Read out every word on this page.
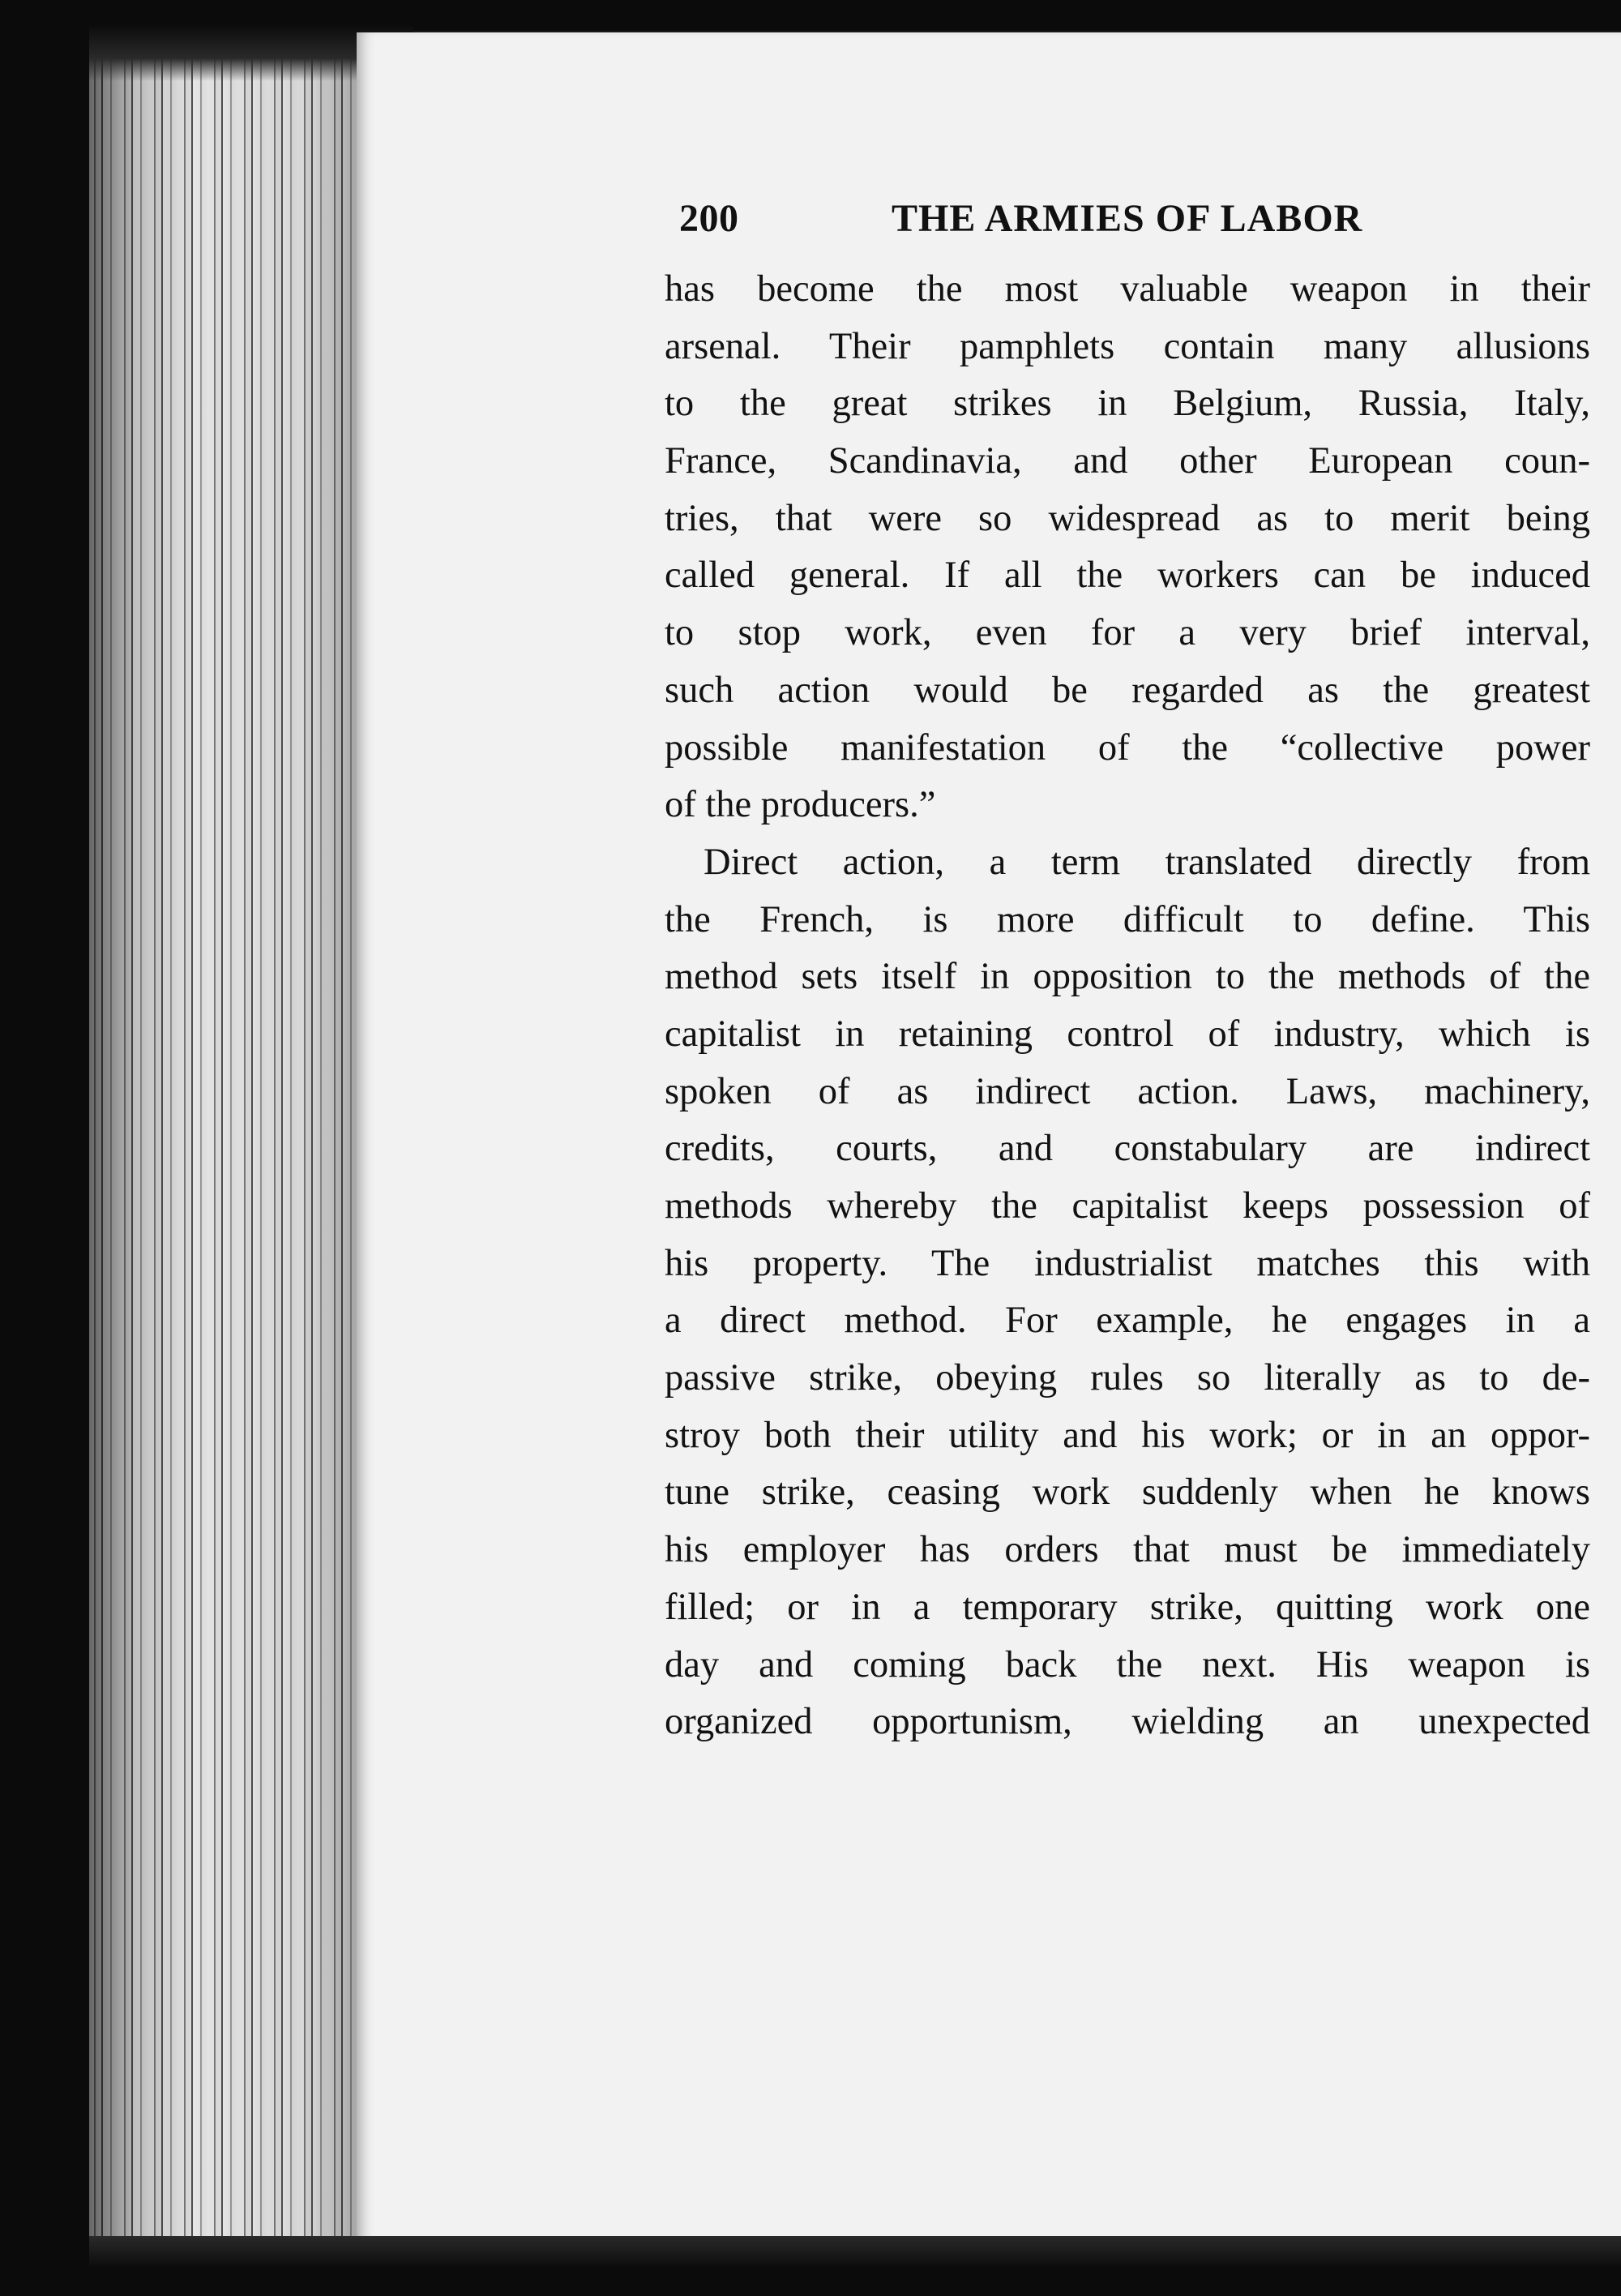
200	THE ARMIES OF LABOR
has become the most valuable weapon in their
arsenal. Their pamphlets contain many allusions
to the great strikes in Belgium, Russia, Italy,
France, Scandinavia, and other European coun-
tries, that were so widespread as to merit being
called general. If all the workers can be induced
to stop work, even for a very brief interval,
such action would be regarded as the greatest
possible manifestation of the “collective power
of the producers.”
Direct action, a term translated directly from
the French, is more difficult to define. This
method sets itself in opposition to the methods of the
capitalist in retaining control of industry, which is
spoken of as indirect action. Laws, machinery,
credits, courts, and constabulary are indirect
methods whereby the capitalist keeps possession of
his property. The industrialist matches this with
a direct method. For example, he engages in a
passive strike, obeying rules so literally as to de-
stroy both their utility and his work; or in an oppor-
tune strike, ceasing work suddenly when he knows
his employer has orders that must be immediately
filled; or in a temporary strike, quitting work one
day and coming back the next. His weapon is
organized opportunism, wielding an unexpected
